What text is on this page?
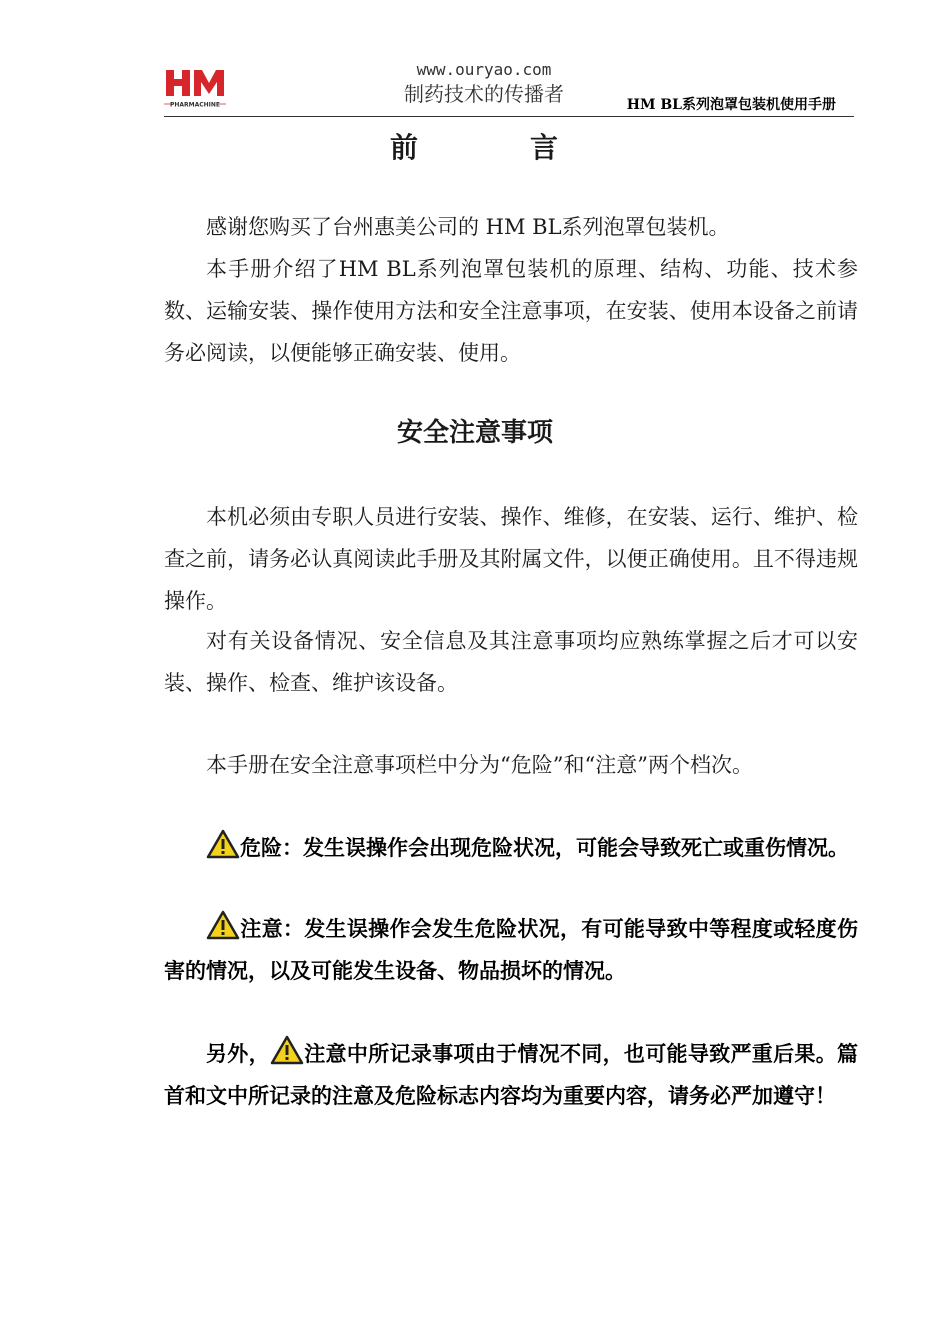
PHARMACHINE
www.ouryao.com
制药技术的传播者	HM BL系列泡罩包装机使用手册
前	言
感谢您购买了台州惠美公司的 HM BL系列泡罩包装机。
本手册介绍了HM BL系列泡罩包装机的原理、结构、功能、技术参数、运输安装、操作使用方法和安全注意事项，在安装、使用本设备之前请务必阅读，以便能够正确安装、使用。
安全注意事项
本机必须由专职人员进行安装、操作、维修，在安装、运行、维护、检查之前，请务必认真阅读此手册及其附属文件，以便正确使用。且不得违规操作。
对有关设备情况、安全信息及其注意事项均应熟练掌握之后才可以安装、操作、检查、维护该设备。
本手册在安全注意事项栏中分为“危险”和“注意”两个档次。
危险：发生误操作会出现危险状况，可能会导致死亡或重伤情况。
注意：发生误操作会发生危险状况，有可能导致中等程度或轻度伤害的情况，以及可能发生设备、物品损坏的情况。
另外， 注意中所记录事项由于情况不同，也可能导致严重后果。篇首和文中所记录的注意及危险标志内容均为重要内容，请务必严加遵守！
